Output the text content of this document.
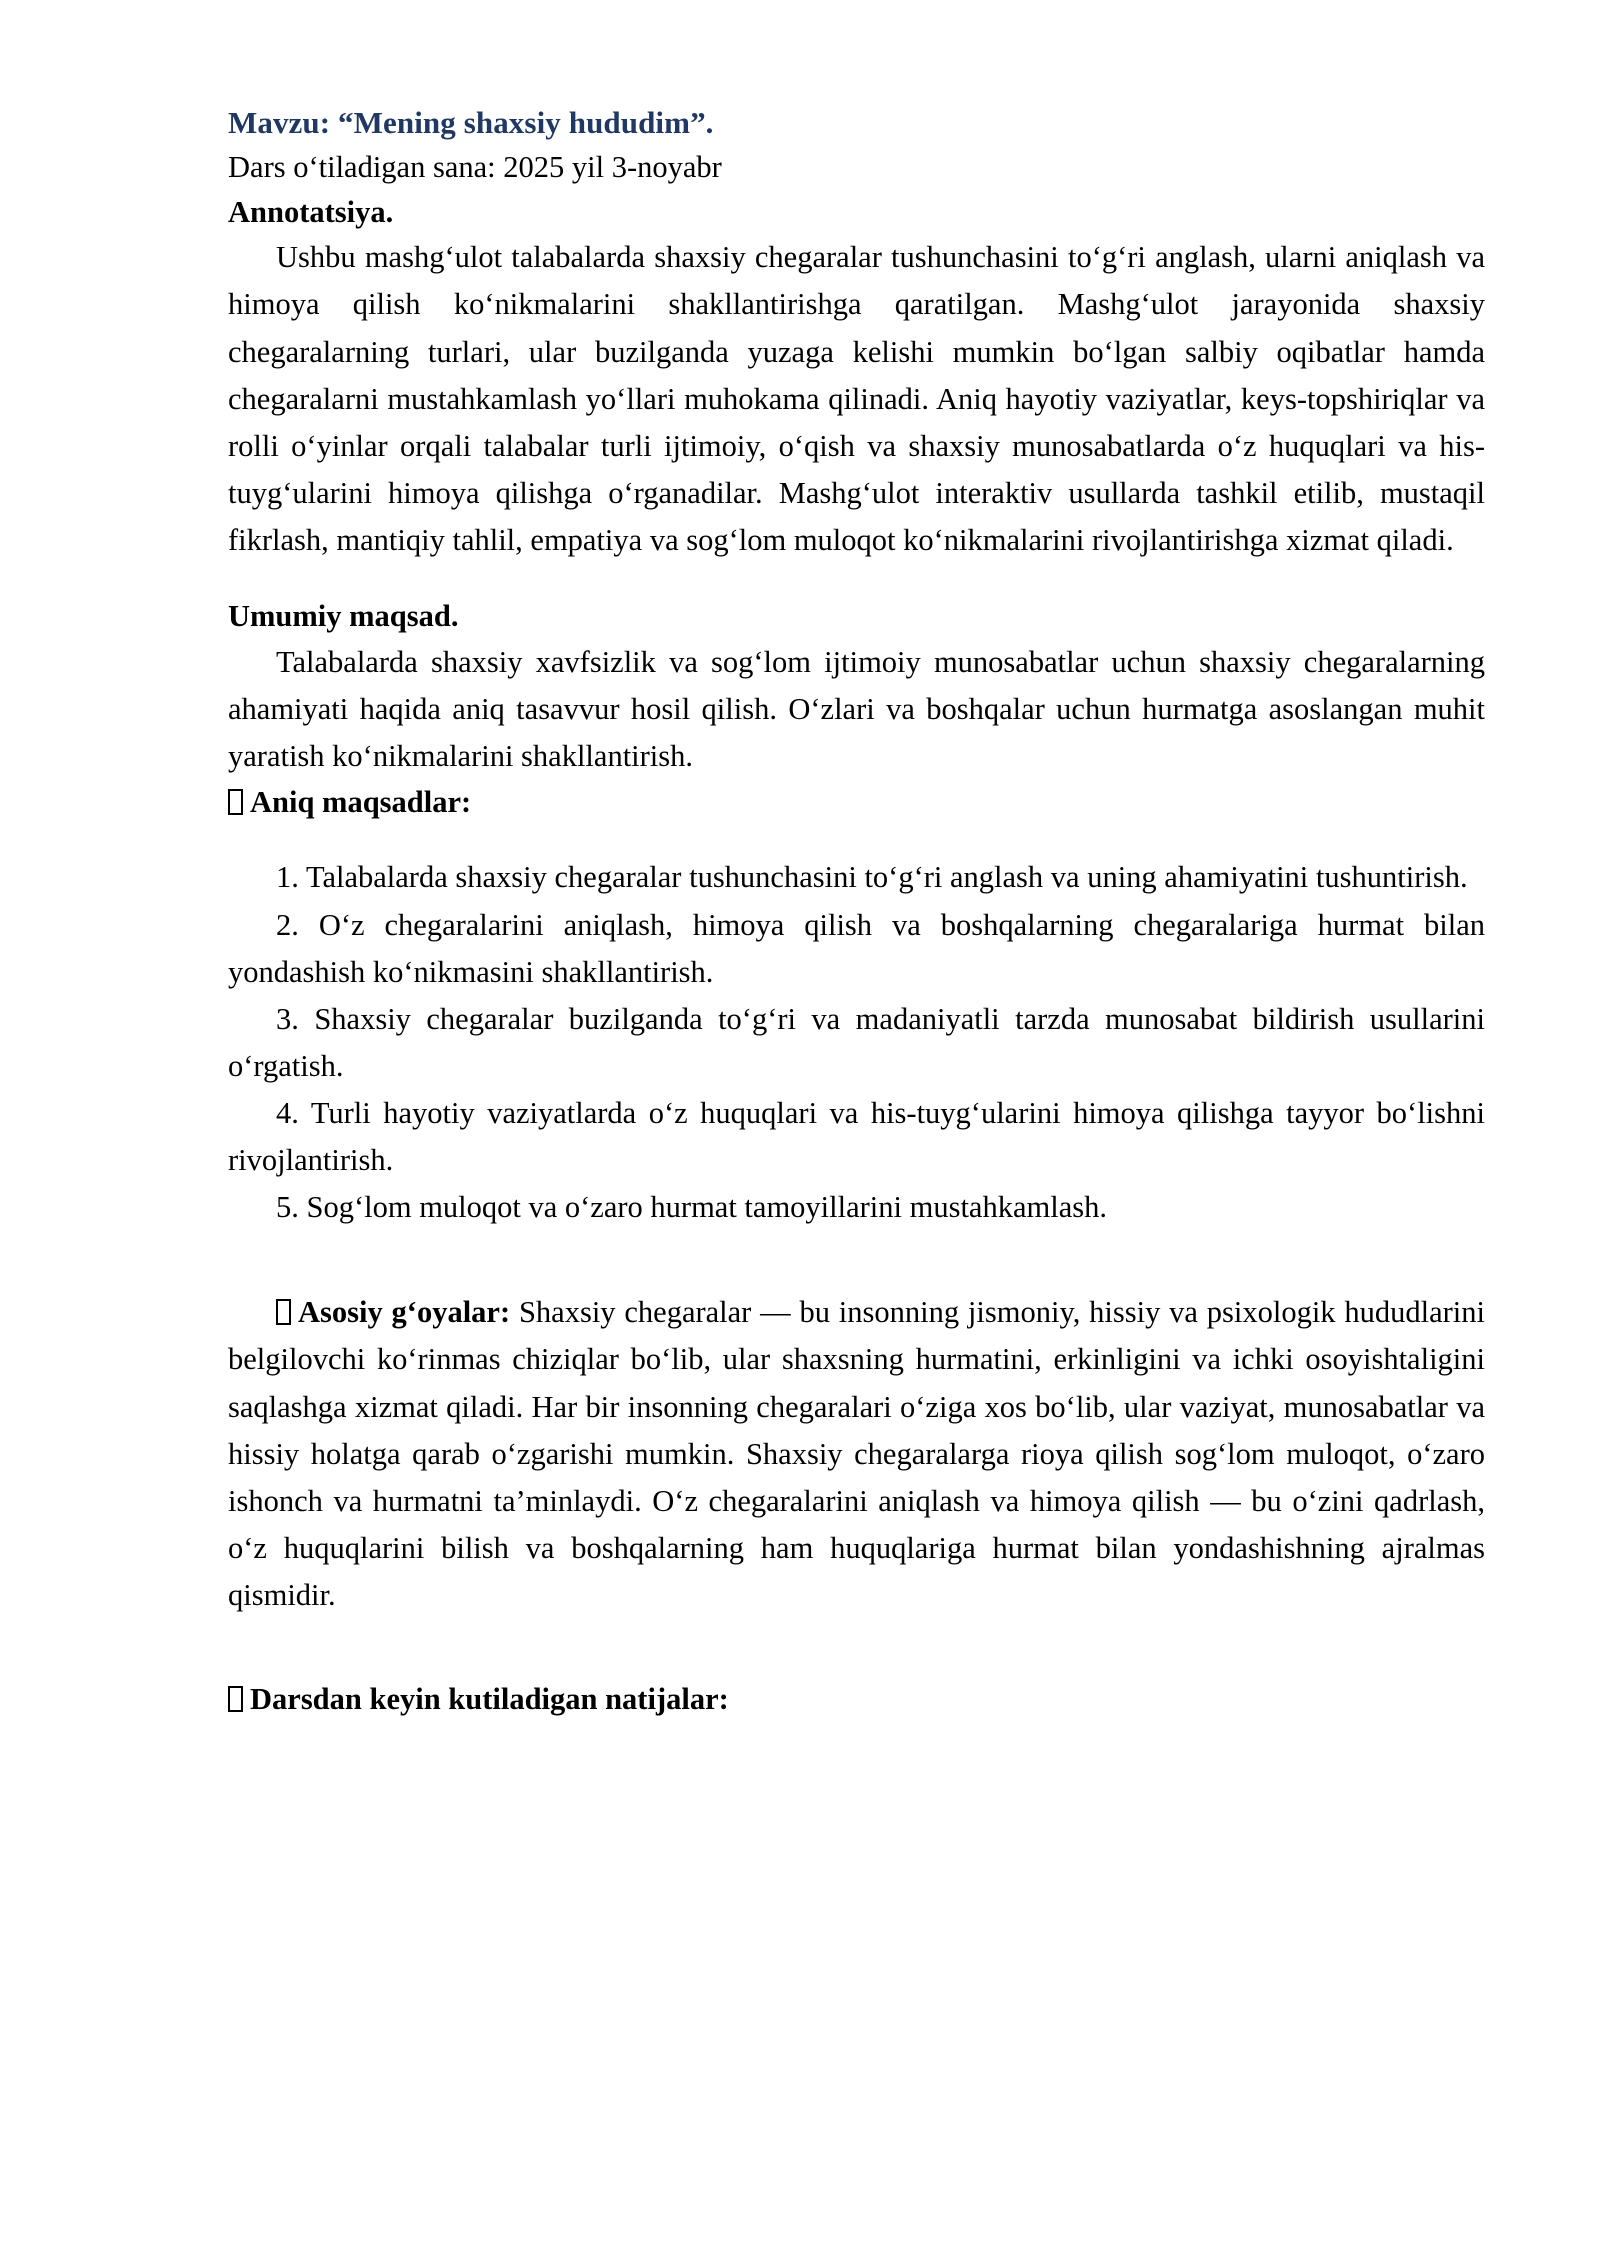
Mavzu: “Mening shaxsiy hududim”.

Dars o‘tiladigan sana: 2025 yil 3-noyabr

Annotatsiya.

Ushbu mashg‘ulot talabalarda shaxsiy chegaralar tushunchasini to‘g‘ri anglash, ularni aniqlash va himoya qilish ko‘nikmalarini shakllantirishga qaratilgan. Mashg‘ulot jarayonida shaxsiy chegaralarning turlari, ular buzilganda yuzaga kelishi mumkin bo‘lgan salbiy oqibatlar hamda chegaralarni mustahkamlash yo‘llari muhokama qilinadi. Aniq hayotiy vaziyatlar, keys-topshiriqlar va rolli o‘yinlar orqali talabalar turli ijtimoiy, o‘qish va shaxsiy munosabatlarda o‘z huquqlari va his-tuyg‘ularini himoya qilishga o‘rganadilar. Mashg‘ulot interaktiv usullarda tashkil etilib, mustaqil fikrlash, mantiqiy tahlil, empatiya va sog‘lom muloqot ko‘nikmalarini rivojlantirishga xizmat qiladi.

Umumiy maqsad.

Talabalarda shaxsiy xavfsizlik va sog‘lom ijtimoiy munosabatlar uchun shaxsiy chegaralarning ahamiyati haqida aniq tasavvur hosil qilish. O‘zlari va boshqalar uchun hurmatga asoslangan muhit yaratish ko‘nikmalarini shakllantirish.

Aniq maqsadlar:

1. Talabalarda shaxsiy chegaralar tushunchasini to‘g‘ri anglash va uning ahamiyatini tushuntirish.

2. O‘z chegaralarini aniqlash, himoya qilish va boshqalarning chegaralariga hurmat bilan yondashish ko‘nikmasini shakllantirish.

3. Shaxsiy chegaralar buzilganda to‘g‘ri va madaniyatli tarzda munosabat bildirish usullarini o‘rgatish.

4. Turli hayotiy vaziyatlarda o‘z huquqlari va his-tuyg‘ularini himoya qilishga tayyor bo‘lishni rivojlantirish.

5. Sog‘lom muloqot va o‘zaro hurmat tamoyillarini mustahkamlash.

Asosiy g‘oyalar: Shaxsiy chegaralar — bu insonning jismoniy, hissiy va psixologik hududlarini belgilovchi ko‘rinmas chiziqlar bo‘lib, ular shaxsning hurmatini, erkinligini va ichki osoyishtaligini saqlashga xizmat qiladi. Har bir insonning chegaralari o‘ziga xos bo‘lib, ular vaziyat, munosabatlar va hissiy holatga qarab o‘zgarishi mumkin. Shaxsiy chegaralarga rioya qilish sog‘lom muloqot, o‘zaro ishonch va hurmatni ta’minlaydi. O‘z chegaralarini aniqlash va himoya qilish — bu o‘zini qadrlash, o‘z huquqlarini bilish va boshqalarning ham huquqlariga hurmat bilan yondashishning ajralmas qismidir.

Darsdan keyin kutiladigan natijalar:
